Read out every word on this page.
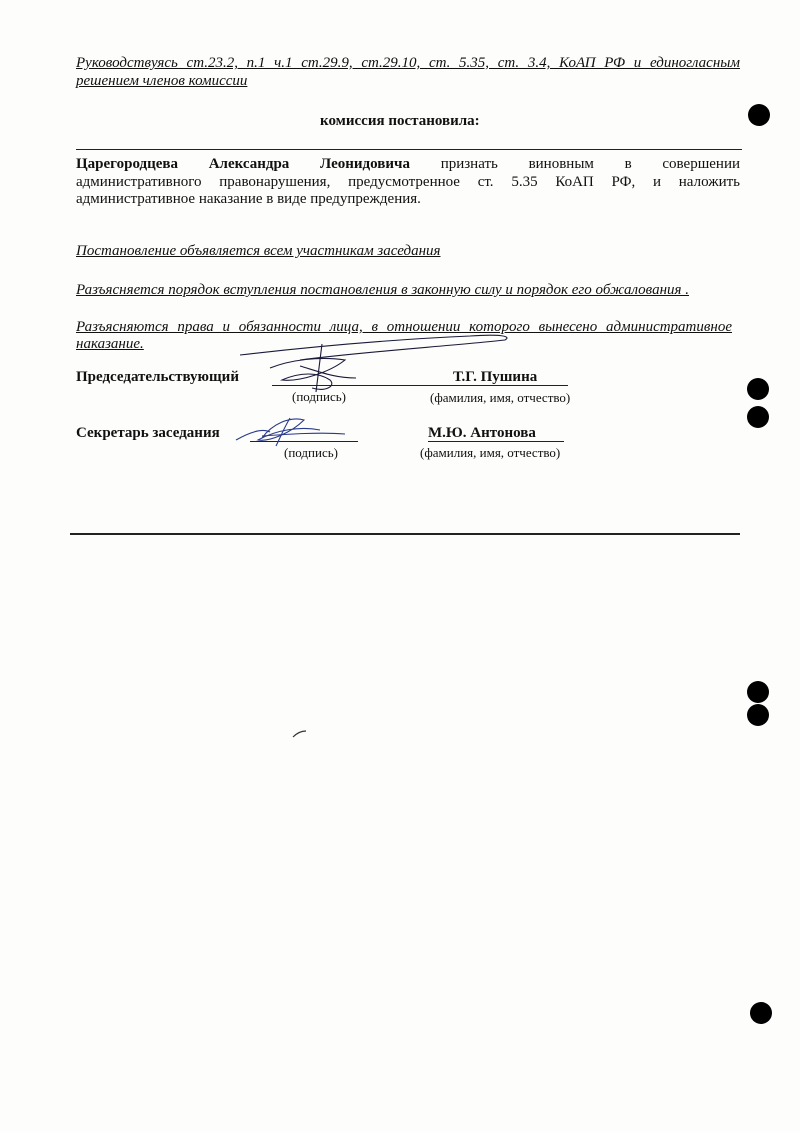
Руководствуясь ст.23.2, п.1 ч.1 ст.29.9, ст.29.10, ст. 5.35, ст. 3.4, КоАП РФ и единогласным
решением членов комиссии
комиссия постановила:
Царегородцева Александра Леонидовича признать виновным в совершении
административного правонарушения, предусмотренное ст. 5.35 КоАП РФ, и наложить
административное наказание в виде предупреждения.
Постановление объявляется всем участникам заседания
Разъясняется порядок вступления постановления в законную силу и порядок его обжалования .
Разъясняются права и обязанности лица, в отношении которого вынесено административное
наказание.
Председательствующий	Т.Г. Пушина
(подпись)	(фамилия, имя, отчество)
Секретарь заседания	М.Ю. Антонова
(подпись)	(фамилия, имя, отчество)
